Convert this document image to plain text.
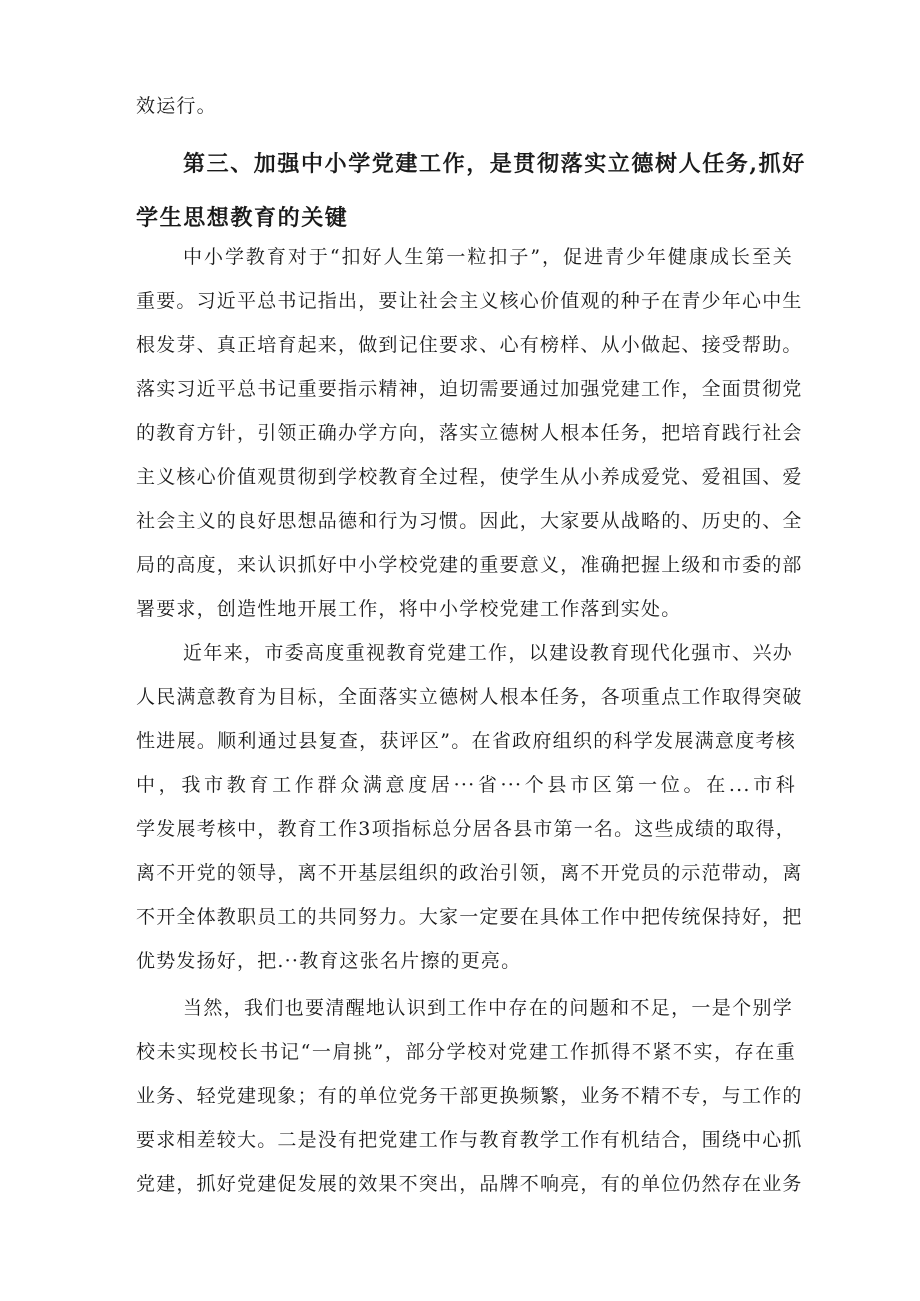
效运行。

第三、加强中小学党建工作，是贯彻落实立德树人任务,抓好
学生思想教育的关键

中小学教育对于“扣好人生第一粒扣子”，促进青少年健康成长至关

重要。习近平总书记指出，要让社会主义核心价值观的种子在青少年心中生

根发芽、真正培育起来，做到记住要求、心有榜样、从小做起、接受帮助。

落实习近平总书记重要指示精神，迫切需要通过加强党建工作，全面贯彻党

的教育方针，引领正确办学方向，落实立德树人根本任务，把培育践行社会

主义核心价值观贯彻到学校教育全过程，使学生从小养成爱党、爱祖国、爱

社会主义的良好思想品德和行为习惯。因此，大家要从战略的、历史的、全

局的高度，来认识抓好中小学校党建的重要意义，准确把握上级和市委的部

署要求，创造性地开展工作，将中小学校党建工作落到实处。

近年来，市委高度重视教育党建工作，以建设教育现代化强市、兴办

人民满意教育为目标，全面落实立德树人根本任务，各项重点工作取得突破

性进展。顺利通过县复查，获评区”。在省政府组织的科学发展满意度考核

中，我市教育工作群众满意度居···省···个县市区第一位。在...市科

学发展考核中，教育工作3项指标总分居各县市第一名。这些成绩的取得，

离不开党的领导，离不开基层组织的政治引领，离不开党员的示范带动，离

不开全体教职员工的共同努力。大家一定要在具体工作中把传统保持好，把

优势发扬好，把.··教育这张名片擦的更亮。

当然，我们也要清醒地认识到工作中存在的问题和不足，一是个别学

校未实现校长书记“一肩挑”，部分学校对党建工作抓得不紧不实，存在重

业务、轻党建现象；有的单位党务干部更换频繁，业务不精不专，与工作的

要求相差较大。二是没有把党建工作与教育教学工作有机结合，围绕中心抓

党建，抓好党建促发展的效果不突出，品牌不响亮，有的单位仍然存在业务
